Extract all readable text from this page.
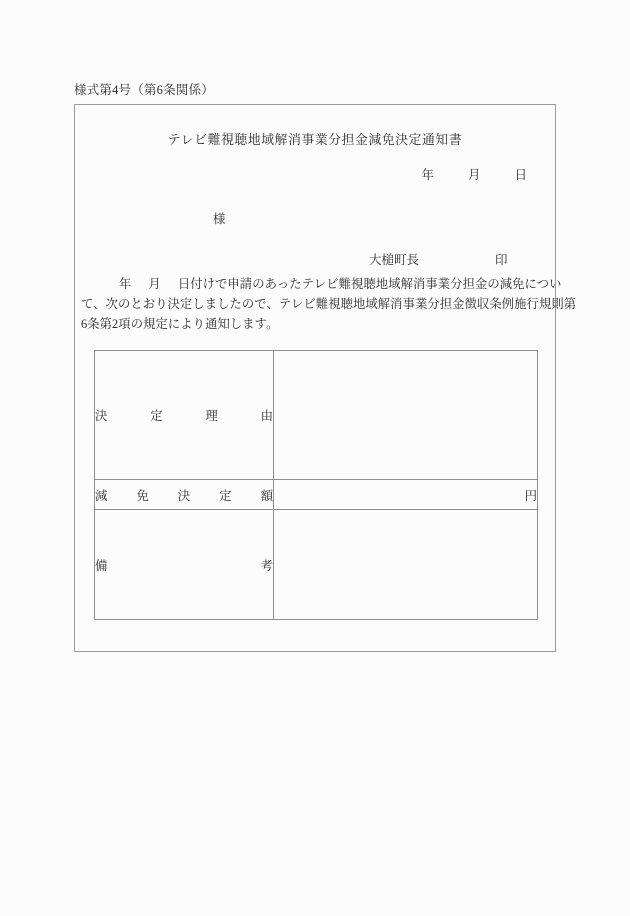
様式第4号（第6条関係）
テレビ難視聴地域解消事業分担金減免決定通知書
年	月	日
様
大槌町長	印
年 月 日付けで申請のあったテレビ難視聴地域解消事業分担金の減免につい
て、次のとおり決定しましたので、テレビ難視聴地域解消事業分担金徴収条例施行規則第
6条第2項の規定により通知します。
決 定 理 由	

減 免 決 定 額	円

備 考	
